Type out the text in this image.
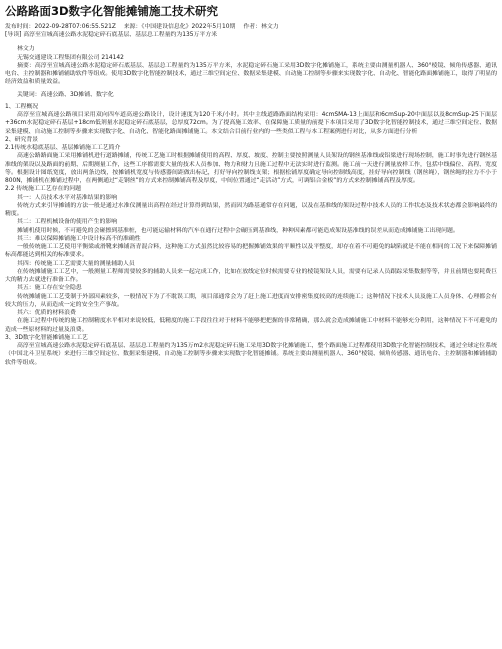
公路路面3D数字化智能摊铺施工技术研究
发布时间：2022-09-28T07:06:55.521Z 来源：《中国建设信息化》2022年5月10期 作者：林文力
[导读] 高淳至宣城高速公路水泥稳定碎石底基层、基层总工程量约为135万平方米

林文力

无锡交通建设工程集团有限公司 214142

摘要：高淳至宣城高速公路水泥稳定碎石底基层、基层总工程量约为135万平方米，水泥稳定碎石施工采用3D数字化摊铺施工，系统主要由测量机器人、360°棱镜、倾角传感器、通讯电台、主控制器和摊铺辅助软件等组成。使用3D数字化智能控制技术，通过三维空间定位、数据采集建模、自动施工控制等步骤来实现数字化、自动化、智能化路面摊铺施工，取得了明显的经济效益和质量效益。

关键词：高速公路、3D摊铺、数字化

1、工程概况

高淳至宣城高速公路项目采用双向四车道高速公路设计，设计速度为120千米/小时。其中主线道路路面结构采用：4cmSMA-13上面层和6cmSup-20中面层以及8cmSup-25下面层+36cm水泥稳定碎石基层+18cm低剂量水泥稳定碎石底基层，总厚度72cm。为了提高施工效率、在保障施工质量的前提下本项目采用了3D数字化智能控制技术，通过三维空间定位、数据采集建模、自动施工控制等步骤来实现数字化、自动化、智能化路面摊铺施工。本文结合目前行业内的一些类似工程与本工程案例进行对比，从多方面进行分析

2、研究背景

2.1传统水稳底基层、基层摊铺施工工艺简介

高速公路路面施工采用摊铺机进行道路摊铺，传统工艺施工时根据摊铺使用的高程、厚度、坡度、控制主要按照测量人员架设的钢丝基准线或铝梁进行现场控制，施工时事先进行钢丝基准线的架设以及路面的前期、后期测量工作，这些工序都需要大量的技术人员参加、物力和财力且施工过程中无法实时进行监测。施工前一天进行测量放样工作，包括中线偏位、高程、宽度等。根据设计图纸宽度，放出两条边线，按摊铺机宽度与传感器间距做出标记，打好导向控制线支架；根据松铺厚度确定导向控制线高度，挂好导向控制线（钢丝绳），钢丝绳的拉力不小于800N，摊铺机在摊铺过程中，在两侧通过“走钢丝”的方式来控制摊铺高程及厚度，中间位置通过“走活动”方式，可调铝合金板”的方式来控制摊铺高程及厚度。

2.2 传统施工工艺存在的问题

其一：人员技术水平对基准结果的影响

传统方式来引导摊铺的方法一般是通过水准仪测量出高程在经过计算得到结果，然而因为路基通常存在问题，以及在基准线的架设过程中技术人员的工作状态及技术状态都会影响最终的精度。

其二：工程机械设备的使用产生的影响

摊铺机使用时候，不可避免的会碰擦到基准桩，也可能运输材料的汽车在通行过程中会碾压到基准线，种种因素都可能造成架设基准线的误差从而造成摊铺施工出现问题。

其三：难以保障摊铺施工中设计标高不的准确性

一般传统施工工艺使用平衡梁或滑靴来摊铺沥青混合料，这种施工方式虽然比较容易的把握摊铺效果的平顺性以及平整度，却存在着不可避免的缺陷就是不能在相同的工况下来保障摊铺标高都能达到相关的标准要求。

其四：传统施工工艺需要大量的测量辅助人员

在传统摊铺施工工艺中，一般测量工程师需要较多的辅助人员来一起完成工作，比如在放线定位时候需要专业的棱镜架设人员，需要有记录人员跟踪采集数据等等，并且前期也要耗费巨大的精力去就进行准备工作。

其五：施工存在安全隐患

传统摊铺施工工艺受制于外部因素较多，一般情况下为了不耽误工期，项目部通常会为了赶上施工进度而安排密集度较高的连续施工；这种情况下技术人员及施工人员身体、心理都会有较大的压力，从而造成一定的安全生产事故。

其六：优质的材料浪费

在施工过程中传统的施工控制精度水平相对来说较低，低精度的施工手段往往对于材料不能够把把握的非常精确，那么就会造成摊铺施工中材料不能够充分利用，这种情况下不可避免的造成一些原材料的过量及浪费。

3、3D数字化智能摊铺施工工艺

高淳至宣城高速公路水泥稳定碎石底基层、基层总工程量约为135万m2水泥稳定碎石施工采用3D数字化摊铺施工，整个路面施工过程都使用3D数字化智能控制技术，通过全球定位系统（中国北斗卫星系统）来进行三维空间定位、数据采集建模、自动施工控制等步骤来实现数字化智能摊铺。系统主要由测量机器人、360°棱镜、倾角传感器、通讯电台、主控制器和摊铺辅助软件等组成。
